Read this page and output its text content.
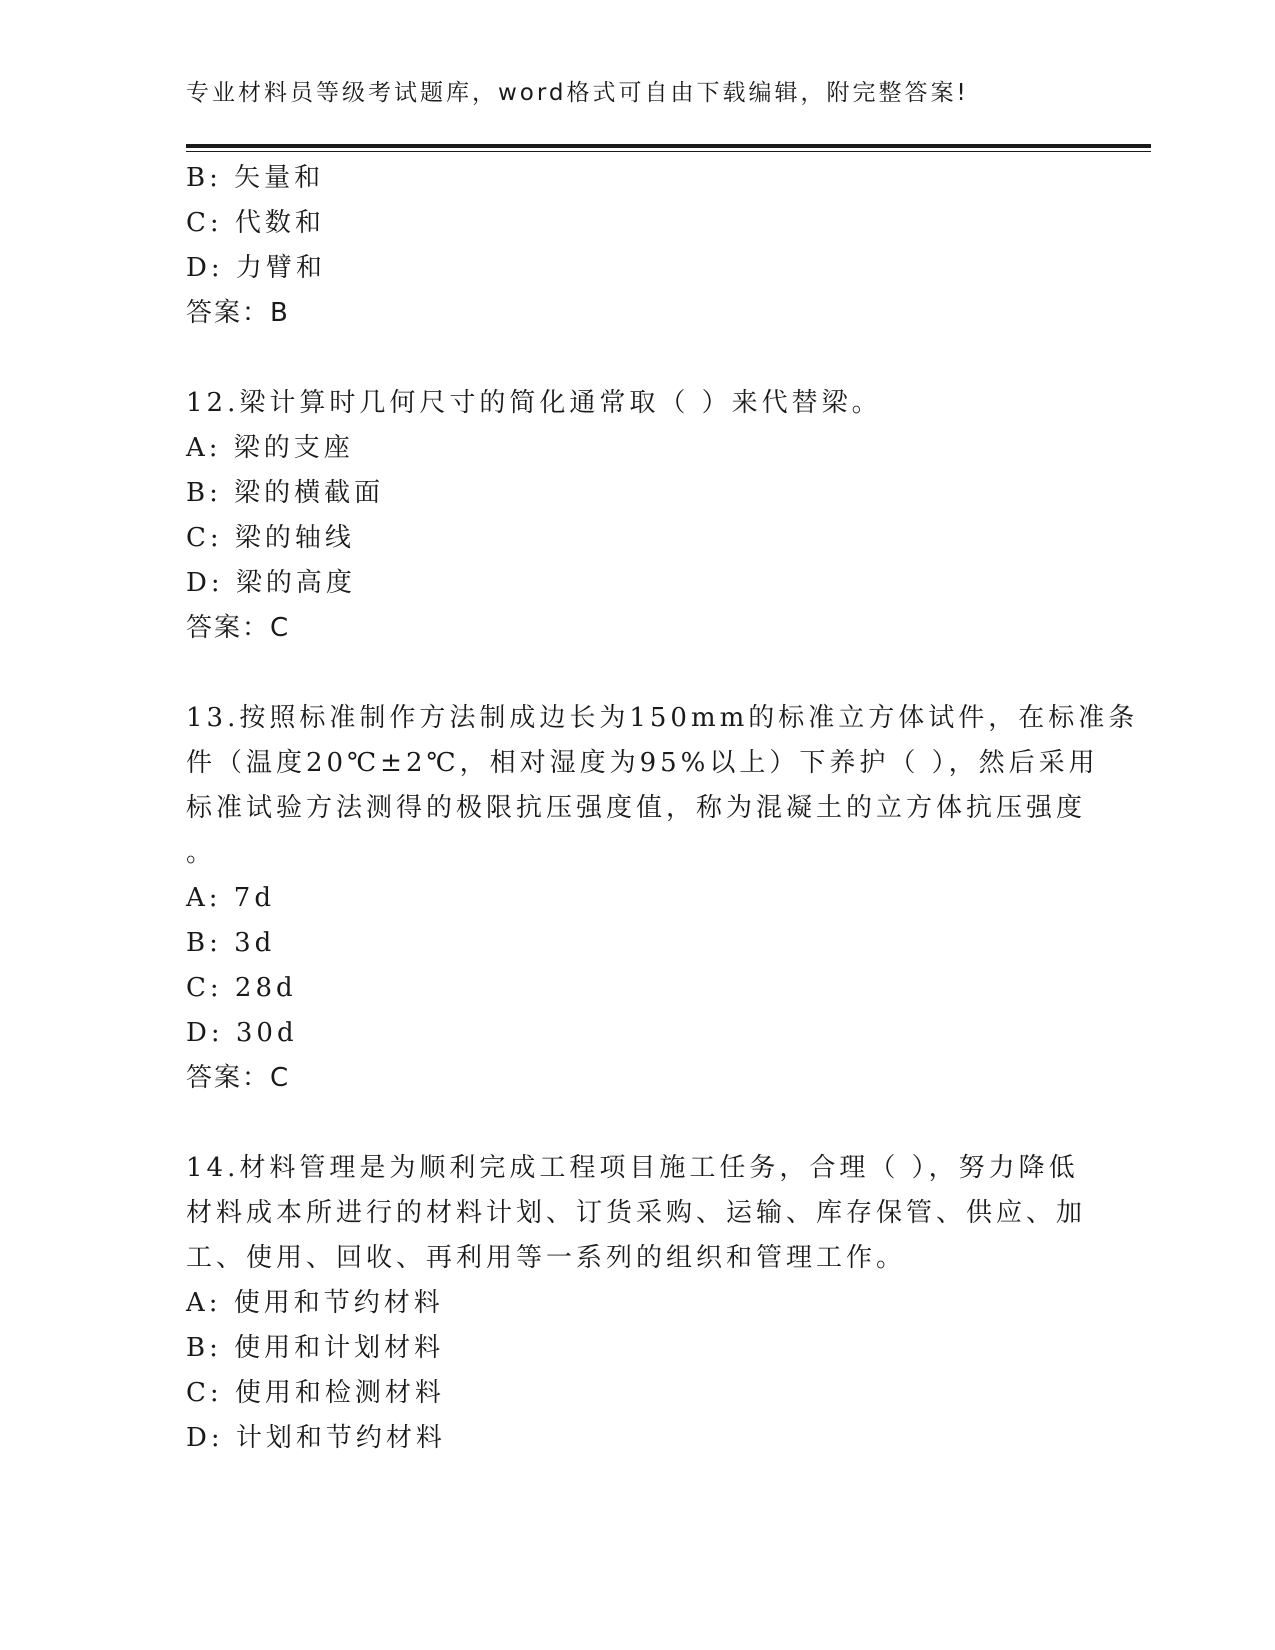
专业材料员等级考试题库，word格式可自由下载编辑，附完整答案!
B: 矢量和
C: 代数和
D: 力臂和
答案：B
12.梁计算时几何尺寸的简化通常取（ ）来代替梁。
A: 梁的支座
B: 梁的横截面
C: 梁的轴线
D: 梁的高度
答案：C
13.按照标准制作方法制成边长为150mm的标准立方体试件，在标准条
件（温度20℃±2℃，相对湿度为95%以上）下养护（ ），然后采用
标准试验方法测得的极限抗压强度值，称为混凝土的立方体抗压强度
。
A: 7d
B: 3d
C: 28d
D: 30d
答案：C
14.材料管理是为顺利完成工程项目施工任务，合理（ ），努力降低
材料成本所进行的材料计划、订货采购、运输、库存保管、供应、加
工、使用、回收、再利用等一系列的组织和管理工作。
A: 使用和节约材料
B: 使用和计划材料
C: 使用和检测材料
D: 计划和节约材料
